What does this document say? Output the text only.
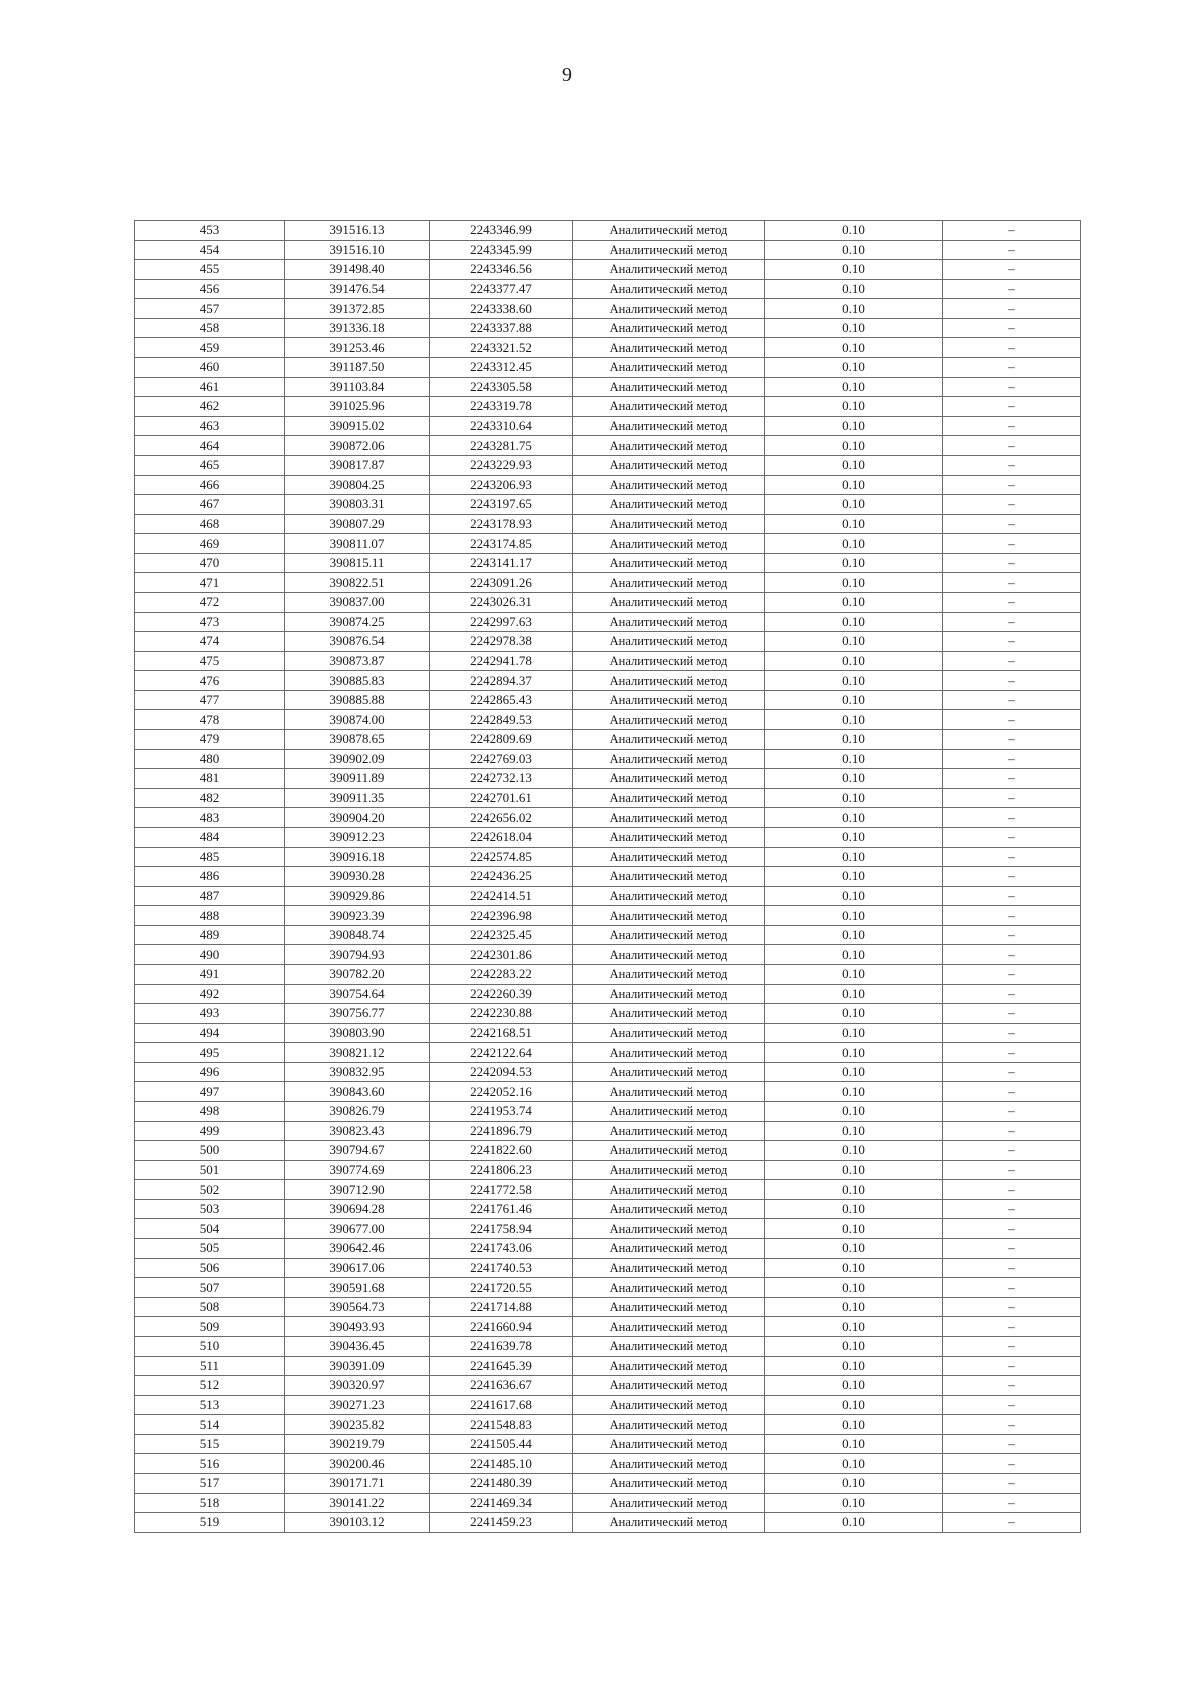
9
453	391516.13	2243346.99	Аналитический метод	0.10	–
454	391516.10	2243345.99	Аналитический метод	0.10	–
455	391498.40	2243346.56	Аналитический метод	0.10	–
456	391476.54	2243377.47	Аналитический метод	0.10	–
457	391372.85	2243338.60	Аналитический метод	0.10	–
458	391336.18	2243337.88	Аналитический метод	0.10	–
459	391253.46	2243321.52	Аналитический метод	0.10	–
460	391187.50	2243312.45	Аналитический метод	0.10	–
461	391103.84	2243305.58	Аналитический метод	0.10	–
462	391025.96	2243319.78	Аналитический метод	0.10	–
463	390915.02	2243310.64	Аналитический метод	0.10	–
464	390872.06	2243281.75	Аналитический метод	0.10	–
465	390817.87	2243229.93	Аналитический метод	0.10	–
466	390804.25	2243206.93	Аналитический метод	0.10	–
467	390803.31	2243197.65	Аналитический метод	0.10	–
468	390807.29	2243178.93	Аналитический метод	0.10	–
469	390811.07	2243174.85	Аналитический метод	0.10	–
470	390815.11	2243141.17	Аналитический метод	0.10	–
471	390822.51	2243091.26	Аналитический метод	0.10	–
472	390837.00	2243026.31	Аналитический метод	0.10	–
473	390874.25	2242997.63	Аналитический метод	0.10	–
474	390876.54	2242978.38	Аналитический метод	0.10	–
475	390873.87	2242941.78	Аналитический метод	0.10	–
476	390885.83	2242894.37	Аналитический метод	0.10	–
477	390885.88	2242865.43	Аналитический метод	0.10	–
478	390874.00	2242849.53	Аналитический метод	0.10	–
479	390878.65	2242809.69	Аналитический метод	0.10	–
480	390902.09	2242769.03	Аналитический метод	0.10	–
481	390911.89	2242732.13	Аналитический метод	0.10	–
482	390911.35	2242701.61	Аналитический метод	0.10	–
483	390904.20	2242656.02	Аналитический метод	0.10	–
484	390912.23	2242618.04	Аналитический метод	0.10	–
485	390916.18	2242574.85	Аналитический метод	0.10	–
486	390930.28	2242436.25	Аналитический метод	0.10	–
487	390929.86	2242414.51	Аналитический метод	0.10	–
488	390923.39	2242396.98	Аналитический метод	0.10	–
489	390848.74	2242325.45	Аналитический метод	0.10	–
490	390794.93	2242301.86	Аналитический метод	0.10	–
491	390782.20	2242283.22	Аналитический метод	0.10	–
492	390754.64	2242260.39	Аналитический метод	0.10	–
493	390756.77	2242230.88	Аналитический метод	0.10	–
494	390803.90	2242168.51	Аналитический метод	0.10	–
495	390821.12	2242122.64	Аналитический метод	0.10	–
496	390832.95	2242094.53	Аналитический метод	0.10	–
497	390843.60	2242052.16	Аналитический метод	0.10	–
498	390826.79	2241953.74	Аналитический метод	0.10	–
499	390823.43	2241896.79	Аналитический метод	0.10	–
500	390794.67	2241822.60	Аналитический метод	0.10	–
501	390774.69	2241806.23	Аналитический метод	0.10	–
502	390712.90	2241772.58	Аналитический метод	0.10	–
503	390694.28	2241761.46	Аналитический метод	0.10	–
504	390677.00	2241758.94	Аналитический метод	0.10	–
505	390642.46	2241743.06	Аналитический метод	0.10	–
506	390617.06	2241740.53	Аналитический метод	0.10	–
507	390591.68	2241720.55	Аналитический метод	0.10	–
508	390564.73	2241714.88	Аналитический метод	0.10	–
509	390493.93	2241660.94	Аналитический метод	0.10	–
510	390436.45	2241639.78	Аналитический метод	0.10	–
511	390391.09	2241645.39	Аналитический метод	0.10	–
512	390320.97	2241636.67	Аналитический метод	0.10	–
513	390271.23	2241617.68	Аналитический метод	0.10	–
514	390235.82	2241548.83	Аналитический метод	0.10	–
515	390219.79	2241505.44	Аналитический метод	0.10	–
516	390200.46	2241485.10	Аналитический метод	0.10	–
517	390171.71	2241480.39	Аналитический метод	0.10	–
518	390141.22	2241469.34	Аналитический метод	0.10	–
519	390103.12	2241459.23	Аналитический метод	0.10	–
